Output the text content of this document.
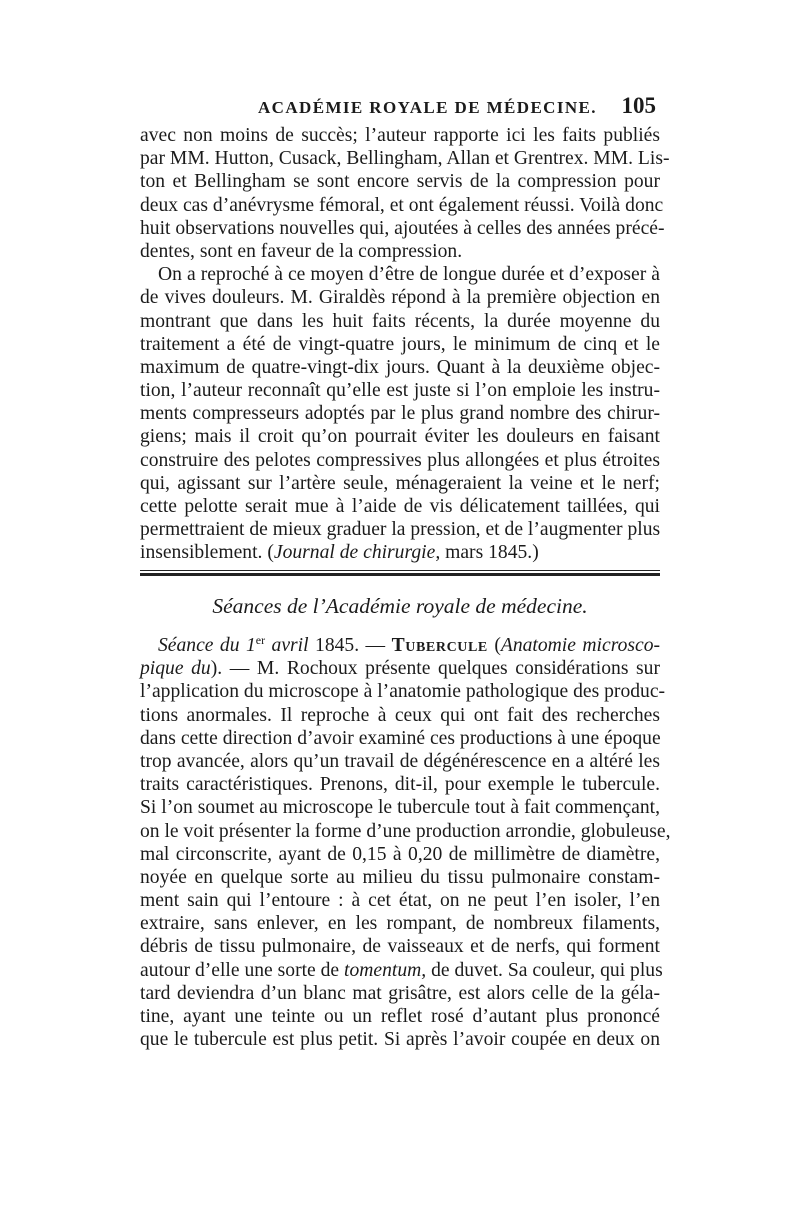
ACADÉMIE ROYALE DE MÉDECINE. 105
avec non moins de succès; l’auteur rapporte ici les faits publiés
par MM. Hutton, Cusack, Bellingham, Allan et Grentrex. MM. Lis-
ton et Bellingham se sont encore servis de la compression pour
deux cas d’anévrysme fémoral, et ont également réussi. Voilà donc
huit observations nouvelles qui, ajoutées à celles des années précé-
dentes, sont en faveur de la compression.
On a reproché à ce moyen d’être de longue durée et d’exposer à
de vives douleurs. M. Giraldès répond à la première objection en
montrant que dans les huit faits récents, la durée moyenne du
traitement a été de vingt-quatre jours, le minimum de cinq et le
maximum de quatre-vingt-dix jours. Quant à la deuxième objec-
tion, l’auteur reconnaît qu’elle est juste si l’on emploie les instru-
ments compresseurs adoptés par le plus grand nombre des chirur-
giens; mais il croit qu’on pourrait éviter les douleurs en faisant
construire des pelotes compressives plus allongées et plus étroites
qui, agissant sur l’artère seule, ménageraient la veine et le nerf;
cette pelotte serait mue à l’aide de vis délicatement taillées, qui
permettraient de mieux graduer la pression, et de l’augmenter plus
insensiblement. (Journal de chirurgie, mars 1845.)
Séances de l’Académie royale de médecine.
Séance du 1er avril 1845. — Tubercule (Anatomie microsco-
pique du). — M. Rochoux présente quelques considérations sur
l’application du microscope à l’anatomie pathologique des produc-
tions anormales. Il reproche à ceux qui ont fait des recherches
dans cette direction d’avoir examiné ces productions à une époque
trop avancée, alors qu’un travail de dégénérescence en a altéré les
traits caractéristiques. Prenons, dit-il, pour exemple le tubercule.
Si l’on soumet au microscope le tubercule tout à fait commençant,
on le voit présenter la forme d’une production arrondie, globuleuse,
mal circonscrite, ayant de 0,15 à 0,20 de millimètre de diamètre,
noyée en quelque sorte au milieu du tissu pulmonaire constam-
ment sain qui l’entoure : à cet état, on ne peut l’en isoler, l’en
extraire, sans enlever, en les rompant, de nombreux filaments,
débris de tissu pulmonaire, de vaisseaux et de nerfs, qui forment
autour d’elle une sorte de tomentum, de duvet. Sa couleur, qui plus
tard deviendra d’un blanc mat grisâtre, est alors celle de la géla-
tine, ayant une teinte ou un reflet rosé d’autant plus prononcé
que le tubercule est plus petit. Si après l’avoir coupée en deux on
